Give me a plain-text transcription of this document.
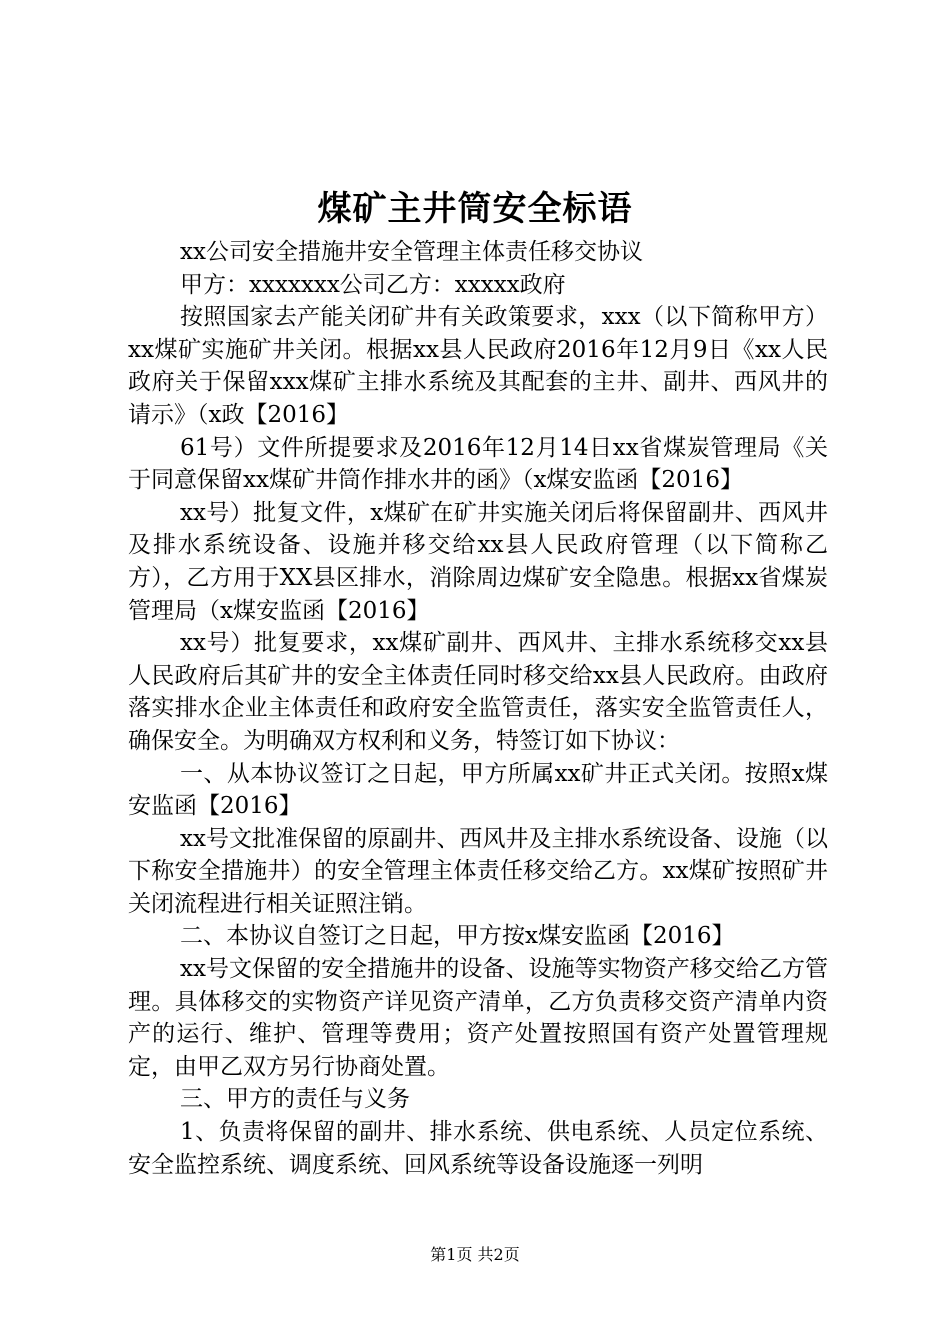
煤矿主井筒安全标语

xx公司安全措施井安全管理主体责任移交协议

甲方：xxxxxxx公司乙方：xxxxx政府

按照国家去产能关闭矿井有关政策要求，xxx（以下简称甲方）xx煤矿实施矿井关闭。根据xx县人民政府2016年12月9日《xx人民政府关于保留xxx煤矿主排水系统及其配套的主井、副井、西风井的请示》（x政【2016】

61号）文件所提要求及2016年12月14日xx省煤炭管理局《关于同意保留xx煤矿井筒作排水井的函》（x煤安监函【2016】

xx号）批复文件，x煤矿在矿井实施关闭后将保留副井、西风井及排水系统设备、设施并移交给xx县人民政府管理（以下简称乙方），乙方用于XX县区排水，消除周边煤矿安全隐患。根据xx省煤炭管理局（x煤安监函【2016】

xx号）批复要求，xx煤矿副井、西风井、主排水系统移交xx县人民政府后其矿井的安全主体责任同时移交给xx县人民政府。由政府落实排水企业主体责任和政府安全监管责任，落实安全监管责任人，确保安全。为明确双方权利和义务，特签订如下协议：

一、从本协议签订之日起，甲方所属xx矿井正式关闭。按照x煤安监函【2016】

xx号文批准保留的原副井、西风井及主排水系统设备、设施（以下称安全措施井）的安全管理主体责任移交给乙方。xx煤矿按照矿井关闭流程进行相关证照注销。

二、本协议自签订之日起，甲方按x煤安监函【2016】

xx号文保留的安全措施井的设备、设施等实物资产移交给乙方管理。具体移交的实物资产详见资产清单，乙方负责移交资产清单内资产的运行、维护、管理等费用；资产处置按照国有资产处置管理规定，由甲乙双方另行协商处置。

三、甲方的责任与义务

1、负责将保留的副井、排水系统、供电系统、人员定位系统、安全监控系统、调度系统、回风系统等设备设施逐一列明

第1页 共2页
